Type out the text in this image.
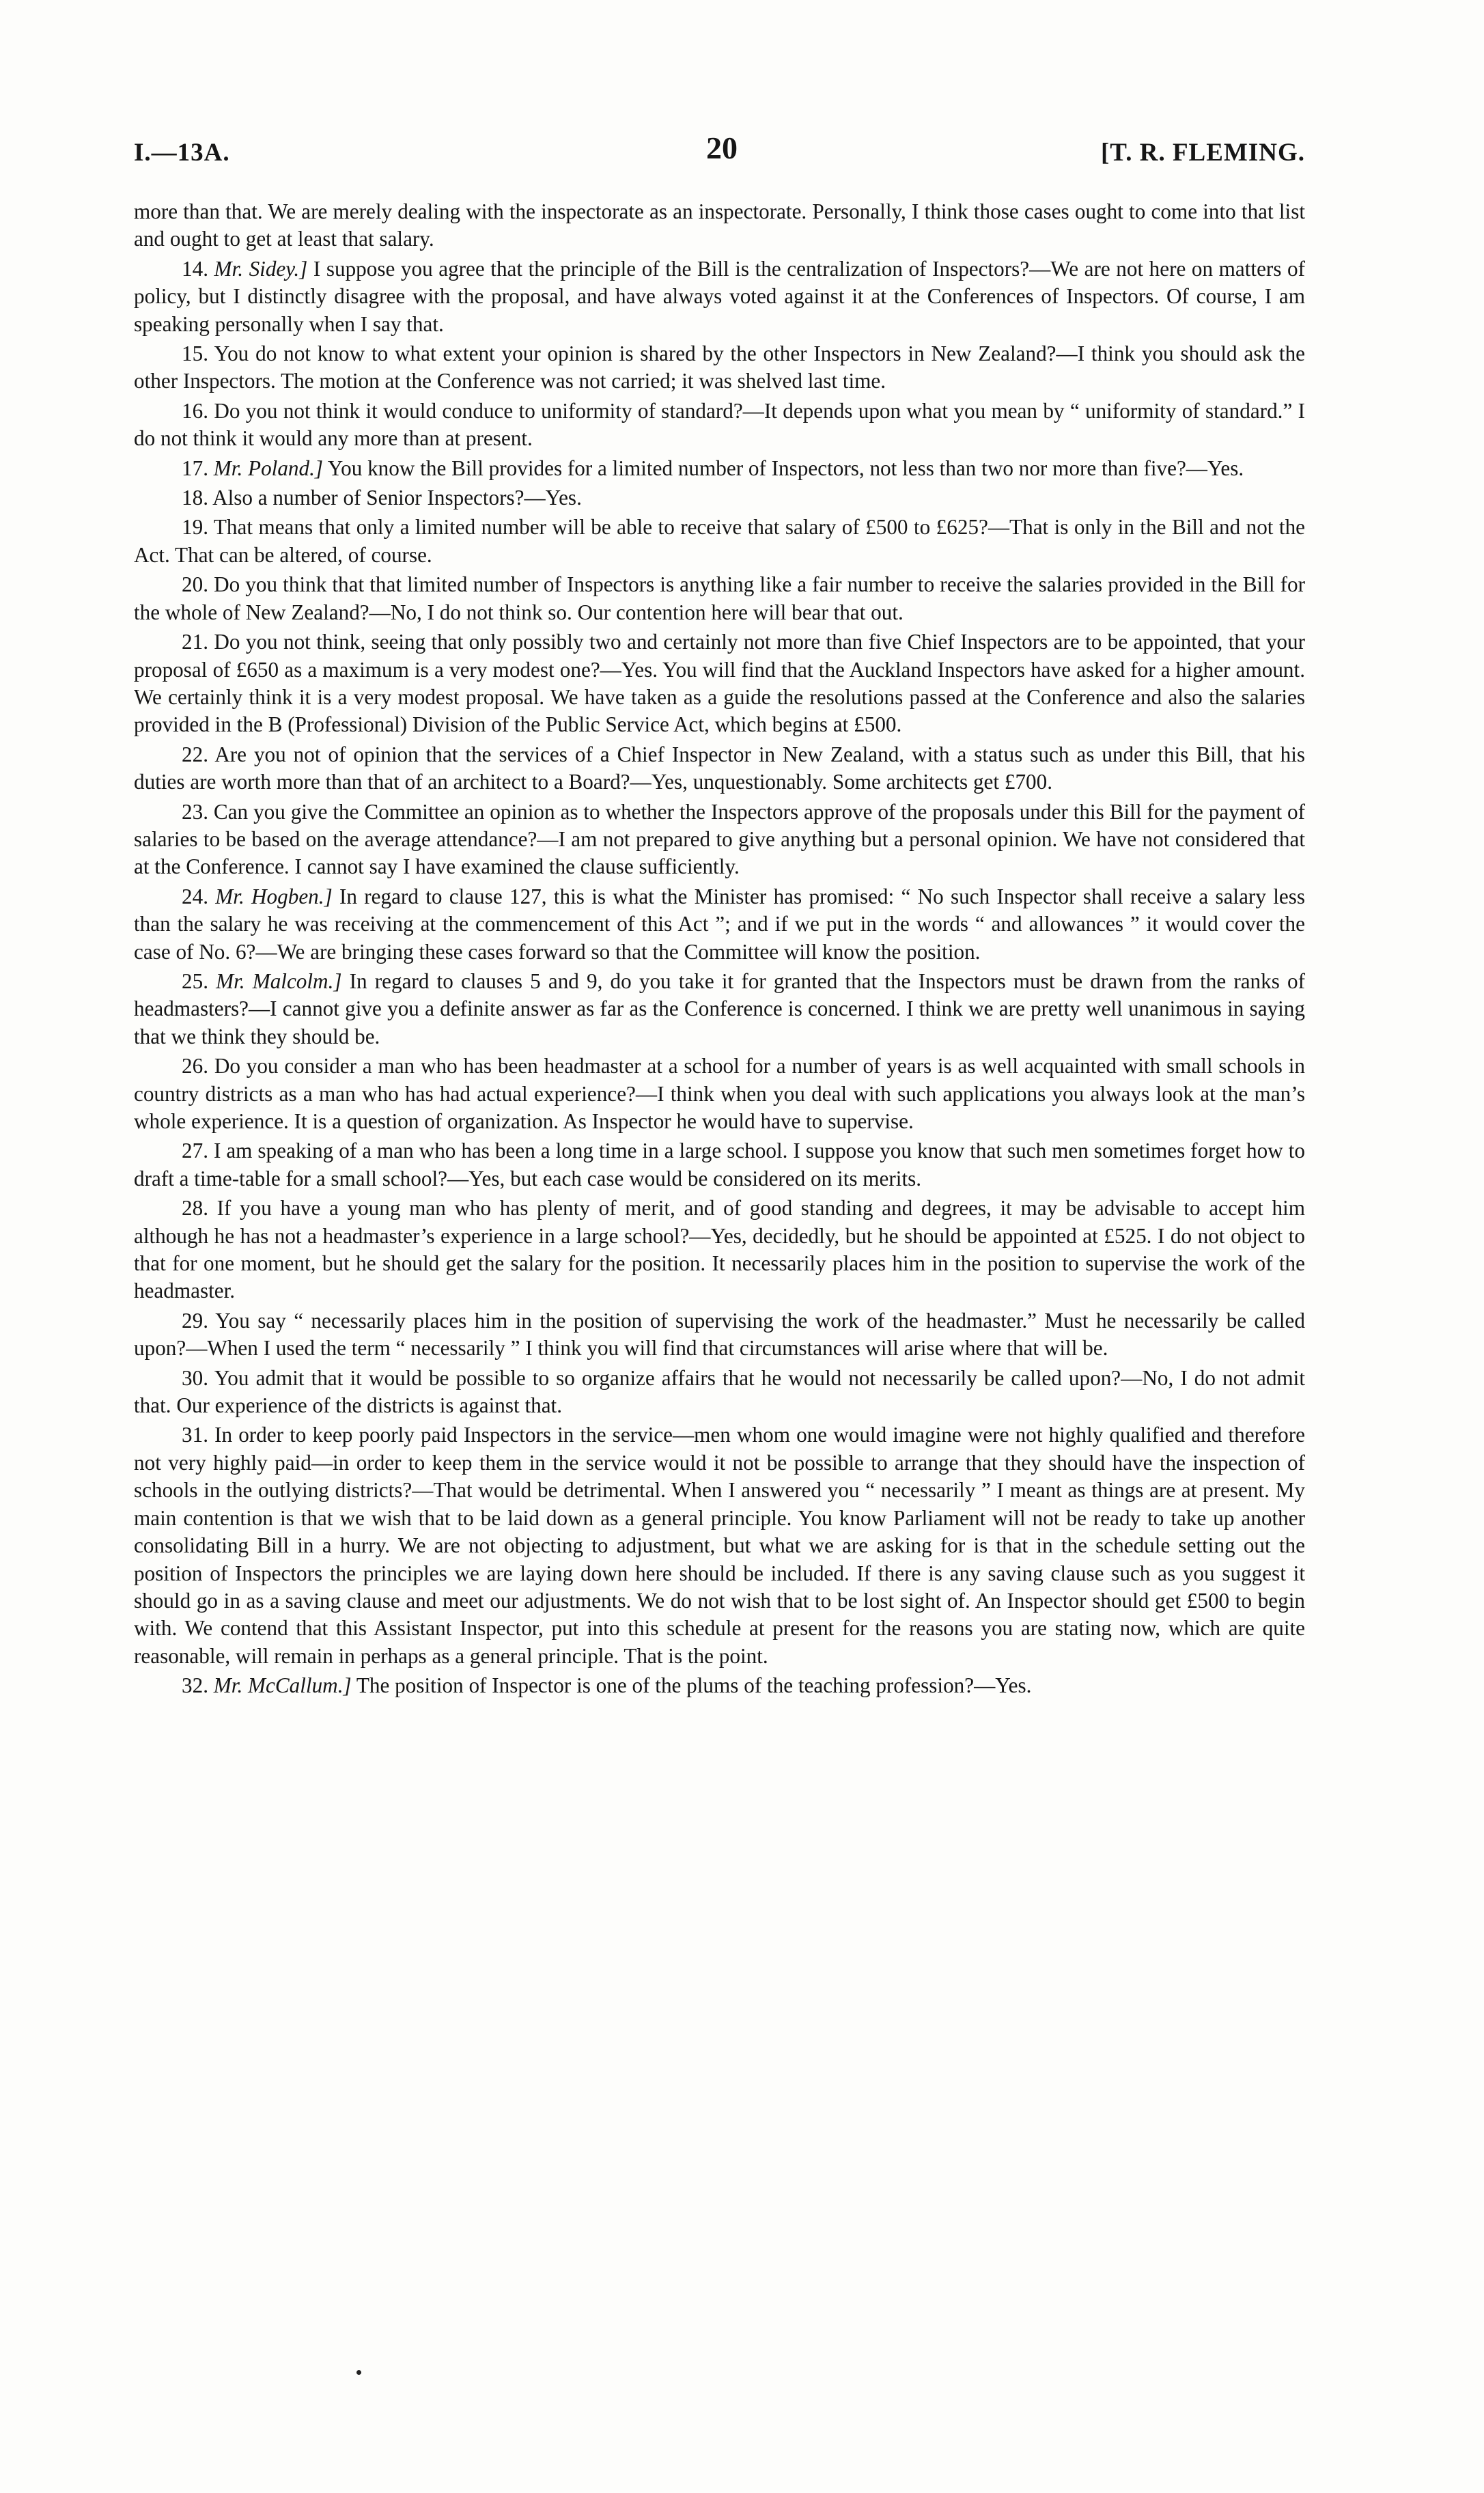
I.—13A.	20	[T. R. FLEMING.

more than that. We are merely dealing with the inspectorate as an inspectorate. Personally, I think those cases ought to come into that list and ought to get at least that salary.

14. Mr. Sidey.] I suppose you agree that the principle of the Bill is the centralization of Inspectors?—We are not here on matters of policy, but I distinctly disagree with the proposal, and have always voted against it at the Conferences of Inspectors. Of course, I am speaking personally when I say that.

15. You do not know to what extent your opinion is shared by the other Inspectors in New Zealand?—I think you should ask the other Inspectors. The motion at the Conference was not carried; it was shelved last time.

16. Do you not think it would conduce to uniformity of standard?—It depends upon what you mean by “ uniformity of standard.” I do not think it would any more than at present.

17. Mr. Poland.] You know the Bill provides for a limited number of Inspectors, not less than two nor more than five?—Yes.

18. Also a number of Senior Inspectors?—Yes.

19. That means that only a limited number will be able to receive that salary of £500 to £625?—That is only in the Bill and not the Act. That can be altered, of course.

20. Do you think that that limited number of Inspectors is anything like a fair number to receive the salaries provided in the Bill for the whole of New Zealand?—No, I do not think so. Our contention here will bear that out.

21. Do you not think, seeing that only possibly two and certainly not more than five Chief Inspectors are to be appointed, that your proposal of £650 as a maximum is a very modest one?—Yes. You will find that the Auckland Inspectors have asked for a higher amount. We certainly think it is a very modest proposal. We have taken as a guide the resolutions passed at the Conference and also the salaries provided in the B (Professional) Division of the Public Service Act, which begins at £500.

22. Are you not of opinion that the services of a Chief Inspector in New Zealand, with a status such as under this Bill, that his duties are worth more than that of an architect to a Board?—Yes, unquestionably. Some architects get £700.

23. Can you give the Committee an opinion as to whether the Inspectors approve of the proposals under this Bill for the payment of salaries to be based on the average attendance?—I am not prepared to give anything but a personal opinion. We have not considered that at the Conference. I cannot say I have examined the clause sufficiently.

24. Mr. Hogben.] In regard to clause 127, this is what the Minister has promised: “ No such Inspector shall receive a salary less than the salary he was receiving at the commencement of this Act ”; and if we put in the words “ and allowances ” it would cover the case of No. 6?—We are bringing these cases forward so that the Committee will know the position.

25. Mr. Malcolm.] In regard to clauses 5 and 9, do you take it for granted that the Inspectors must be drawn from the ranks of headmasters?—I cannot give you a definite answer as far as the Conference is concerned. I think we are pretty well unanimous in saying that we think they should be.

26. Do you consider a man who has been headmaster at a school for a number of years is as well acquainted with small schools in country districts as a man who has had actual experience?—I think when you deal with such applications you always look at the man’s whole experience. It is a question of organization. As Inspector he would have to supervise.

27. I am speaking of a man who has been a long time in a large school. I suppose you know that such men sometimes forget how to draft a time-table for a small school?—Yes, but each case would be considered on its merits.

28. If you have a young man who has plenty of merit, and of good standing and degrees, it may be advisable to accept him although he has not a headmaster’s experience in a large school?—Yes, decidedly, but he should be appointed at £525. I do not object to that for one moment, but he should get the salary for the position. It necessarily places him in the position to supervise the work of the headmaster.

29. You say “ necessarily places him in the position of supervising the work of the headmaster.” Must he necessarily be called upon?—When I used the term “ necessarily ” I think you will find that circumstances will arise where that will be.

30. You admit that it would be possible to so organize affairs that he would not necessarily be called upon?—No, I do not admit that. Our experience of the districts is against that.

31. In order to keep poorly paid Inspectors in the service—men whom one would imagine were not highly qualified and therefore not very highly paid—in order to keep them in the service would it not be possible to arrange that they should have the inspection of schools in the outlying districts?—That would be detrimental. When I answered you “ necessarily ” I meant as things are at present. My main contention is that we wish that to be laid down as a general principle. You know Parliament will not be ready to take up another consolidating Bill in a hurry. We are not objecting to adjustment, but what we are asking for is that in the schedule setting out the position of Inspectors the principles we are laying down here should be included. If there is any saving clause such as you suggest it should go in as a saving clause and meet our adjustments. We do not wish that to be lost sight of. An Inspector should get £500 to begin with. We contend that this Assistant Inspector, put into this schedule at present for the reasons you are stating now, which are quite reasonable, will remain in perhaps as a general principle. That is the point.

32. Mr. McCallum.] The position of Inspector is one of the plums of the teaching profession?—Yes.
